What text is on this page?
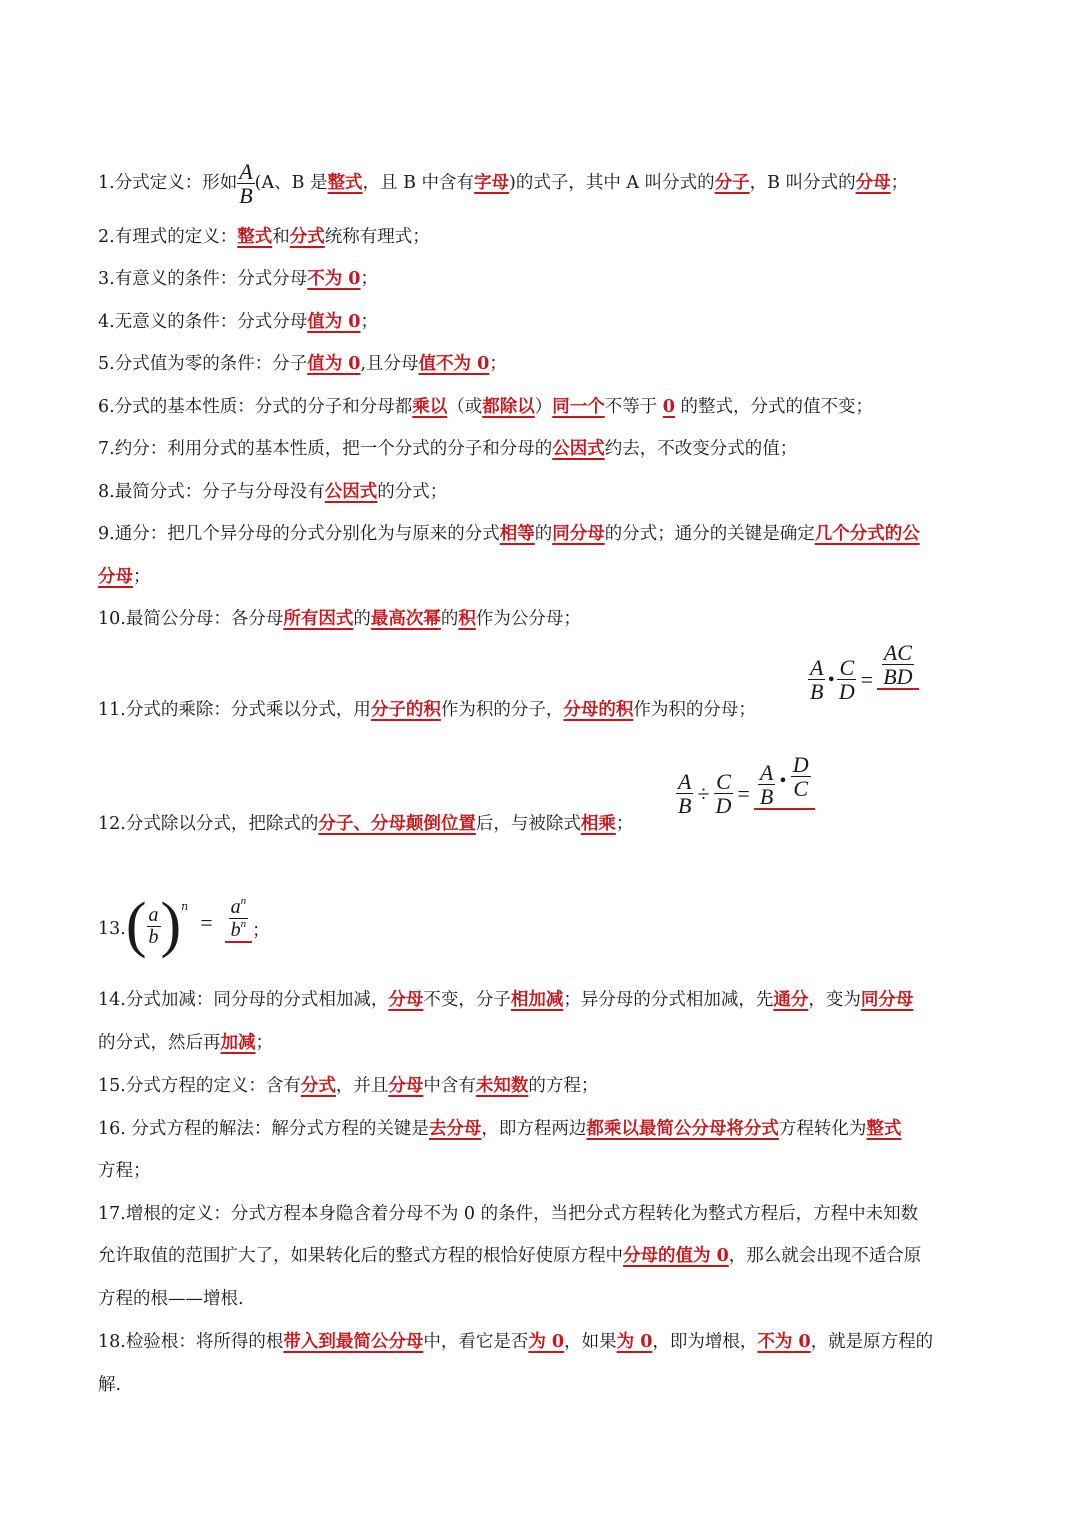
1.分式定义：形如 $\frac{A}{B} (A$、B 是整式，且 B 中含有字母)的式子，其中 A 叫分式的分子，B 叫分式的分母；
2.有理式的定义：整式和分式统称有理式；
3.有意义的条件：分式分母不为 0；
4.无意义的条件：分式分母值为 0；
5.分式值为零的条件：分子值为 0,且分母值不为 0；
6.分式的基本性质：分式的分子和分母都乘以（或都除以）同一个不等于 0 的整式，分式的值不变；
7.约分：利用分式的基本性质，把一个分式的分子和分母的公因式约去，不改变分式的值；
8.最简分式：分子与分母没有公因式的分式；
9.通分：把几个异分母的分式分别化为与原来的分式相等的同分母的分式；通分的关键是确定几个分式的公
分母；
10.最简公分母：各分母所有因式的最高次幂的积作为公分母；
11.分式的乘除：分式乘以分式，用分子的积作为积的分子，分母的积作为积的分母；
$\frac{A}{B}$ • $\frac{C}{D} = \frac{AC}{BD}$
12.分式除以分式，把除式的分子、分母颠倒位置后，与被除式相乘；
$\frac{A}{B} \div \frac{C}{D} = \frac{A}{B}$ • $\frac{D}{C}$
13. ( $\frac{a}{b}$ ) n
= $\frac{a^n}{b^n}$ ；
14.分式加减：同分母的分式相加减，分母不变，分子相加减；异分母的分式相加减，先通分，变为同分母
的分式，然后再加减；
15.分式方程的定义：含有分式，并且分母中含有未知数的方程；
16. 分式方程的解法：解分式方程的关键是去分母，即方程两边都乘以最简公分母将分式方程转化为整式
方程；
17.增根的定义：分式方程本身隐含着分母不为 0 的条件，当把分式方程转化为整式方程后，方程中未知数
允许取值的范围扩大了，如果转化后的整式方程的根恰好使原方程中分母的值为 0，那么就会出现不适合原
方程的根——增根.
18.检验根：将所得的根带入到最简公分母中，看它是否为 0，如果为 0，即为增根，不为 0，就是原方程的
解.
